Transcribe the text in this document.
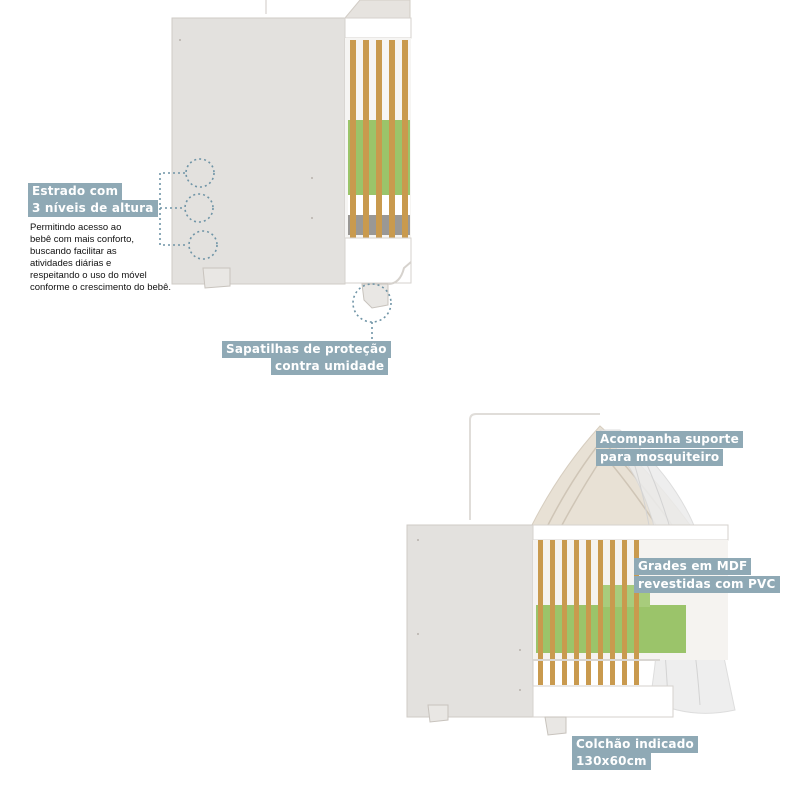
Estrado com
3 níveis de altura
Permitindo acesso ao
bebê com mais conforto,
buscando facilitar as
atividades diárias e
respeitando o uso do móvel
conforme o crescimento do bebê.
Sapatilhas de proteção
contra umidade
Acompanha suporte
para mosquiteiro
Grades em MDF
revestidas com PVC
Colchão indicado
130x60cm
